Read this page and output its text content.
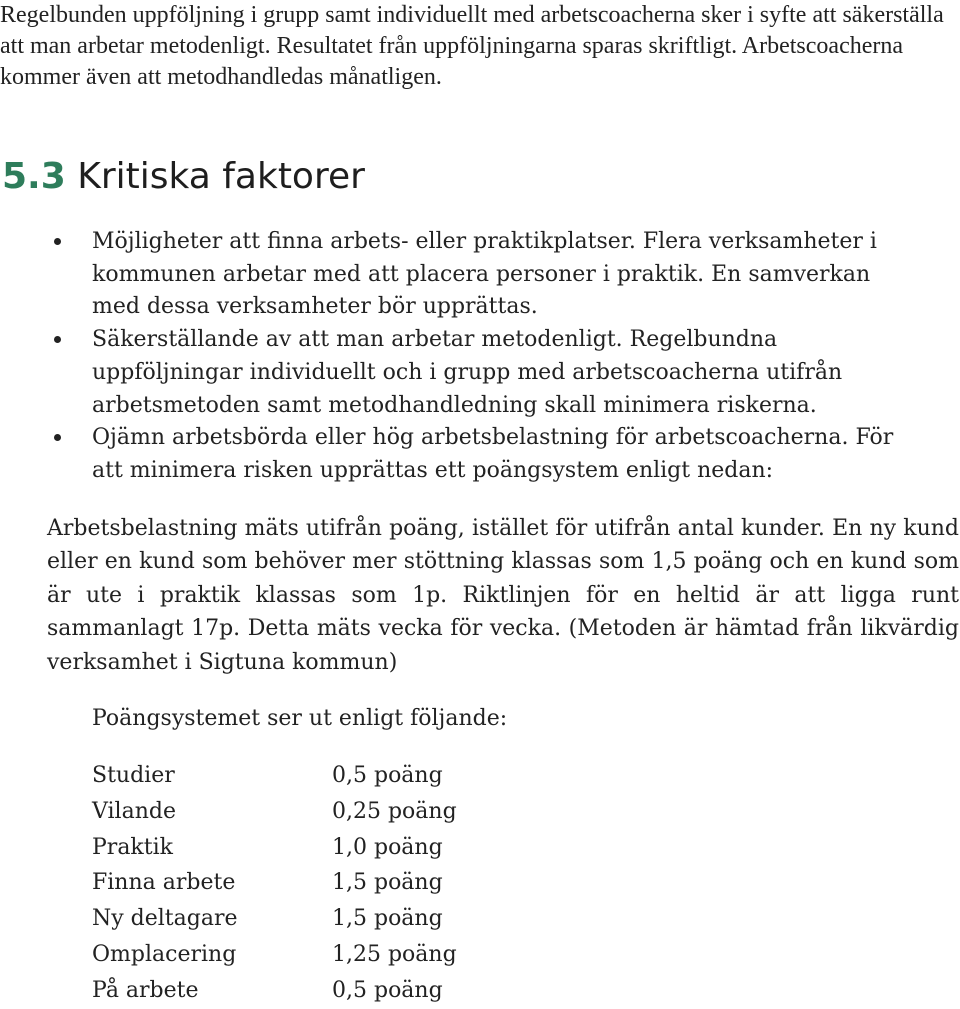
Regelbunden uppföljning i grupp samt individuellt med arbetscoacherna sker i syfte att säkerställa att man arbetar metodenligt. Resultatet från uppföljningarna sparas skriftligt. Arbetscoacherna kommer även att metodhandledas månatligen.
5.3 Kritiska faktorer
Möjligheter att finna arbets- eller praktikplatser. Flera verksamheter i kommunen arbetar med att placera personer i praktik. En samverkan med dessa verksamheter bör upprättas.
Säkerställande av att man arbetar metodenligt. Regelbundna uppföljningar individuellt och i grupp med arbetscoacherna utifrån arbetsmetoden samt metodhandledning skall minimera riskerna.
Ojämn arbetsbörda eller hög arbetsbelastning för arbetscoacherna. För att minimera risken upprättas ett poängsystem enligt nedan:

Arbetsbelastning mäts utifrån poäng, istället för utifrån antal kunder. En ny kund eller en kund som behöver mer stöttning klassas som 1,5 poäng och en kund som är ute i praktik klassas som 1p. Riktlinjen för en heltid är att ligga runt sammanlagt 17p. Detta mäts vecka för vecka. (Metoden är hämtad från likvärdig verksamhet i Sigtuna kommun)

Poängsystemet ser ut enligt följande:

Studier	0,5 poäng
Vilande	0,25 poäng
Praktik	1,0 poäng
Finna arbete	1,5 poäng
Ny deltagare	1,5 poäng
Omplacering	1,25 poäng
På arbete	0,5 poäng
